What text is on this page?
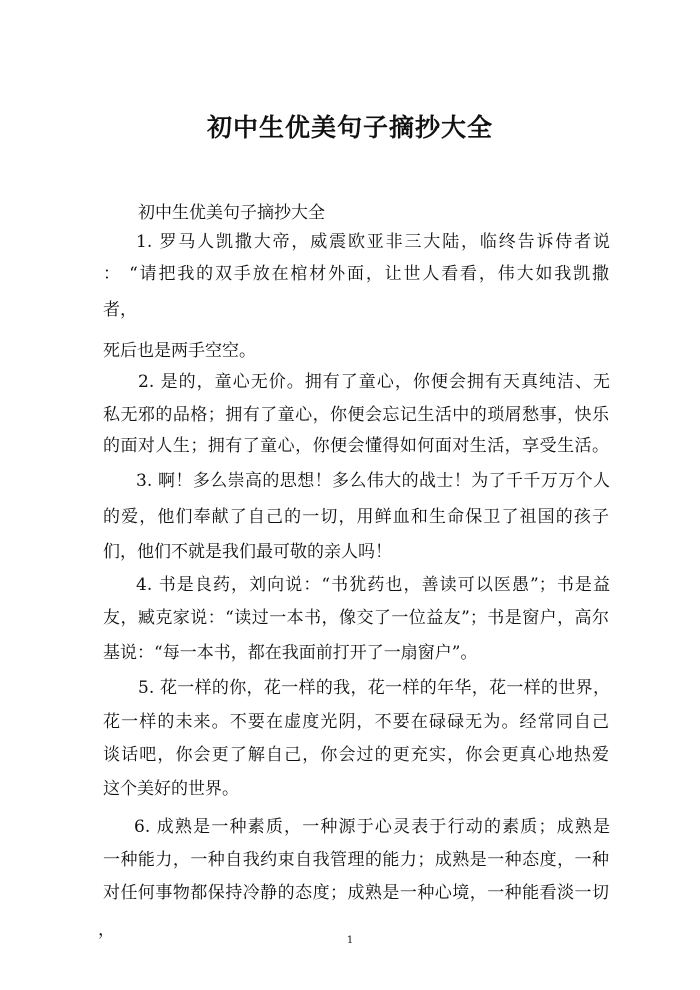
初中生优美句子摘抄大全

初中生优美句子摘抄大全

1. 罗马人凯撒大帝，威震欧亚非三大陆，临终告诉侍者说

： “请把我的双手放在棺材外面，让世人看看，伟大如我凯撒

者，

死后也是两手空空。

2. 是的，童心无价。拥有了童心，你便会拥有天真纯洁、无

私无邪的品格；拥有了童心，你便会忘记生活中的琐屑愁事，快乐

的面对人生；拥有了童心，你便会懂得如何面对生活，享受生活。

3. 啊！多么崇高的思想！多么伟大的战士！为了千千万万个人

的爱，他们奉献了自己的一切，用鲜血和生命保卫了祖国的孩子

们，他们不就是我们最可敬的亲人吗！

4. 书是良药，刘向说：“书犹药也，善读可以医愚”；书是益

友，臧克家说：“读过一本书，像交了一位益友”；书是窗户，高尔

基说：“每一本书，都在我面前打开了一扇窗户”。

5. 花一样的你，花一样的我，花一样的年华，花一样的世界，

花一样的未来。不要在虚度光阴，不要在碌碌无为。经常同自己

谈话吧，你会更了解自己，你会过的更充实，你会更真心地热爱

这个美好的世界。

6. 成熟是一种素质，一种源于心灵表于行动的素质；成熟是

一种能力，一种自我约束自我管理的能力；成熟是一种态度，一种

对任何事物都保持冷静的态度；成熟是一种心境，一种能看淡一切

，

1
